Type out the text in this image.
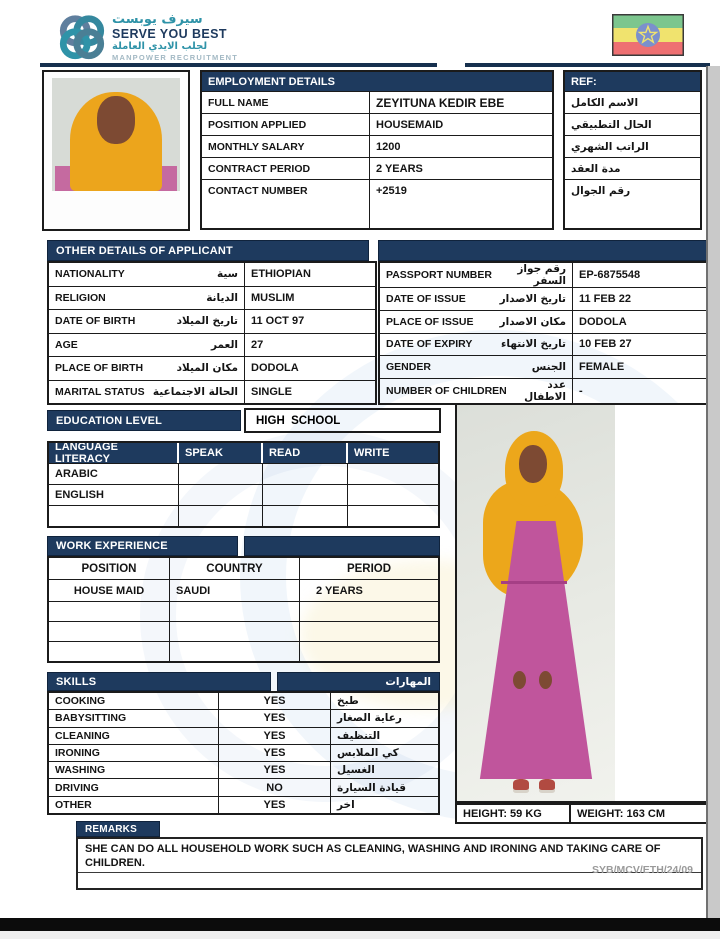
سيرف يوبست
SERVE YOU BEST
لجلب الايدي العاملة
MANPOWER RECRUITMENT
EMPLOYMENT DETAILS
FULL NAME	ZEYITUNA KEDIR EBE
POSITION APPLIED	HOUSEMAID
MONTHLY SALARY	1200
CONTRACT PERIOD	2 YEARS
CONTACT NUMBER	+2519
REF:
الاسم الكامل
الحال التطبيقي
الراتب الشهري
مدة العقد
رقم الجوال
OTHER DETAILS OF APPLICANT
NATIONALITY	سية	ETHIOPIAN
RELIGION	الديانة	MUSLIM
DATE OF BIRTH	تاريخ الميلاد	11 OCT 97
AGE	العمر	27
PLACE OF BIRTH	مكان الميلاد	DODOLA
MARITAL STATUS الحالة الاجتماعية	SINGLE
PASSPORT NUMBER	رقم جواز السفر	EP-6875548
DATE OF ISSUE	تاريخ الاصدار	11 FEB 22
PLACE OF ISSUE مكان الاصدار	DODOLA
DATE OF EXPIRY	تاريخ الانتهاء	10 FEB 27
GENDER	الجنس	FEMALE
NUMBER OF CHILDREN	عدد الاطفال	-
EDUCATION LEVEL	HIGH  SCHOOL
LANGUAGE LITERACY	SPEAK	READ	WRITE
ARABIC
ENGLISH
WORK EXPERIENCE
POSITION	COUNTRY	PERIOD
HOUSE MAID	SAUDI	2 YEARS
SKILLS	المهارات
COOKING	YES	طبخ
BABYSITTING	YES	رعاية الصغار
CLEANING	YES	التنظيف
IRONING	YES	كي الملابس
WASHING	YES	الغسيل
DRIVING	NO	قيادة السيارة
OTHER	YES	اخر
HEIGHT: 59 KG	WEIGHT: 163 CM
REMARKS
SHE CAN DO ALL HOUSEHOLD WORK SUCH AS CLEANING, WASHING AND IRONING AND TAKING CARE OF CHILDREN.
SYB/MCV/ETH/24/09
